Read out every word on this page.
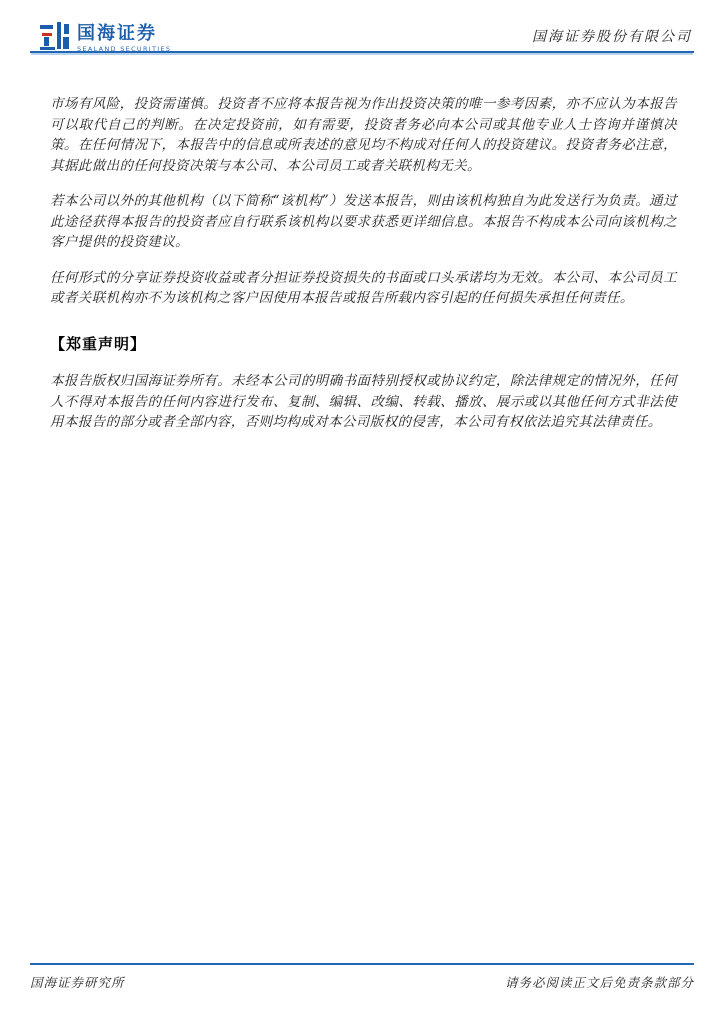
国海证券
SEALAND SECURITIES
国海证券股份有限公司

市场有风险，投资需谨慎。投资者不应将本报告视为作出投资决策的唯一参考因素，亦不应认为本报告可以取代自己的判断。在决定投资前，如有需要，投资者务必向本公司或其他专业人士咨询并谨慎决策。在任何情况下，本报告中的信息或所表述的意见均不构成对任何人的投资建议。投资者务必注意，其据此做出的任何投资决策与本公司、本公司员工或者关联机构无关。

若本公司以外的其他机构（以下简称“该机构”）发送本报告，则由该机构独自为此发送行为负责。通过此途径获得本报告的投资者应自行联系该机构以要求获悉更详细信息。本报告不构成本公司向该机构之客户提供的投资建议。

任何形式的分享证券投资收益或者分担证券投资损失的书面或口头承诺均为无效。本公司、本公司员工或者关联机构亦不为该机构之客户因使用本报告或报告所载内容引起的任何损失承担任何责任。

【郑重声明】

本报告版权归国海证券所有。未经本公司的明确书面特别授权或协议约定，除法律规定的情况外，任何人不得对本报告的任何内容进行发布、复制、编辑、改编、转载、播放、展示或以其他任何方式非法使用本报告的部分或者全部内容，否则均构成对本公司版权的侵害，本公司有权依法追究其法律责任。

国海证券研究所	请务必阅读正文后免责条款部分
